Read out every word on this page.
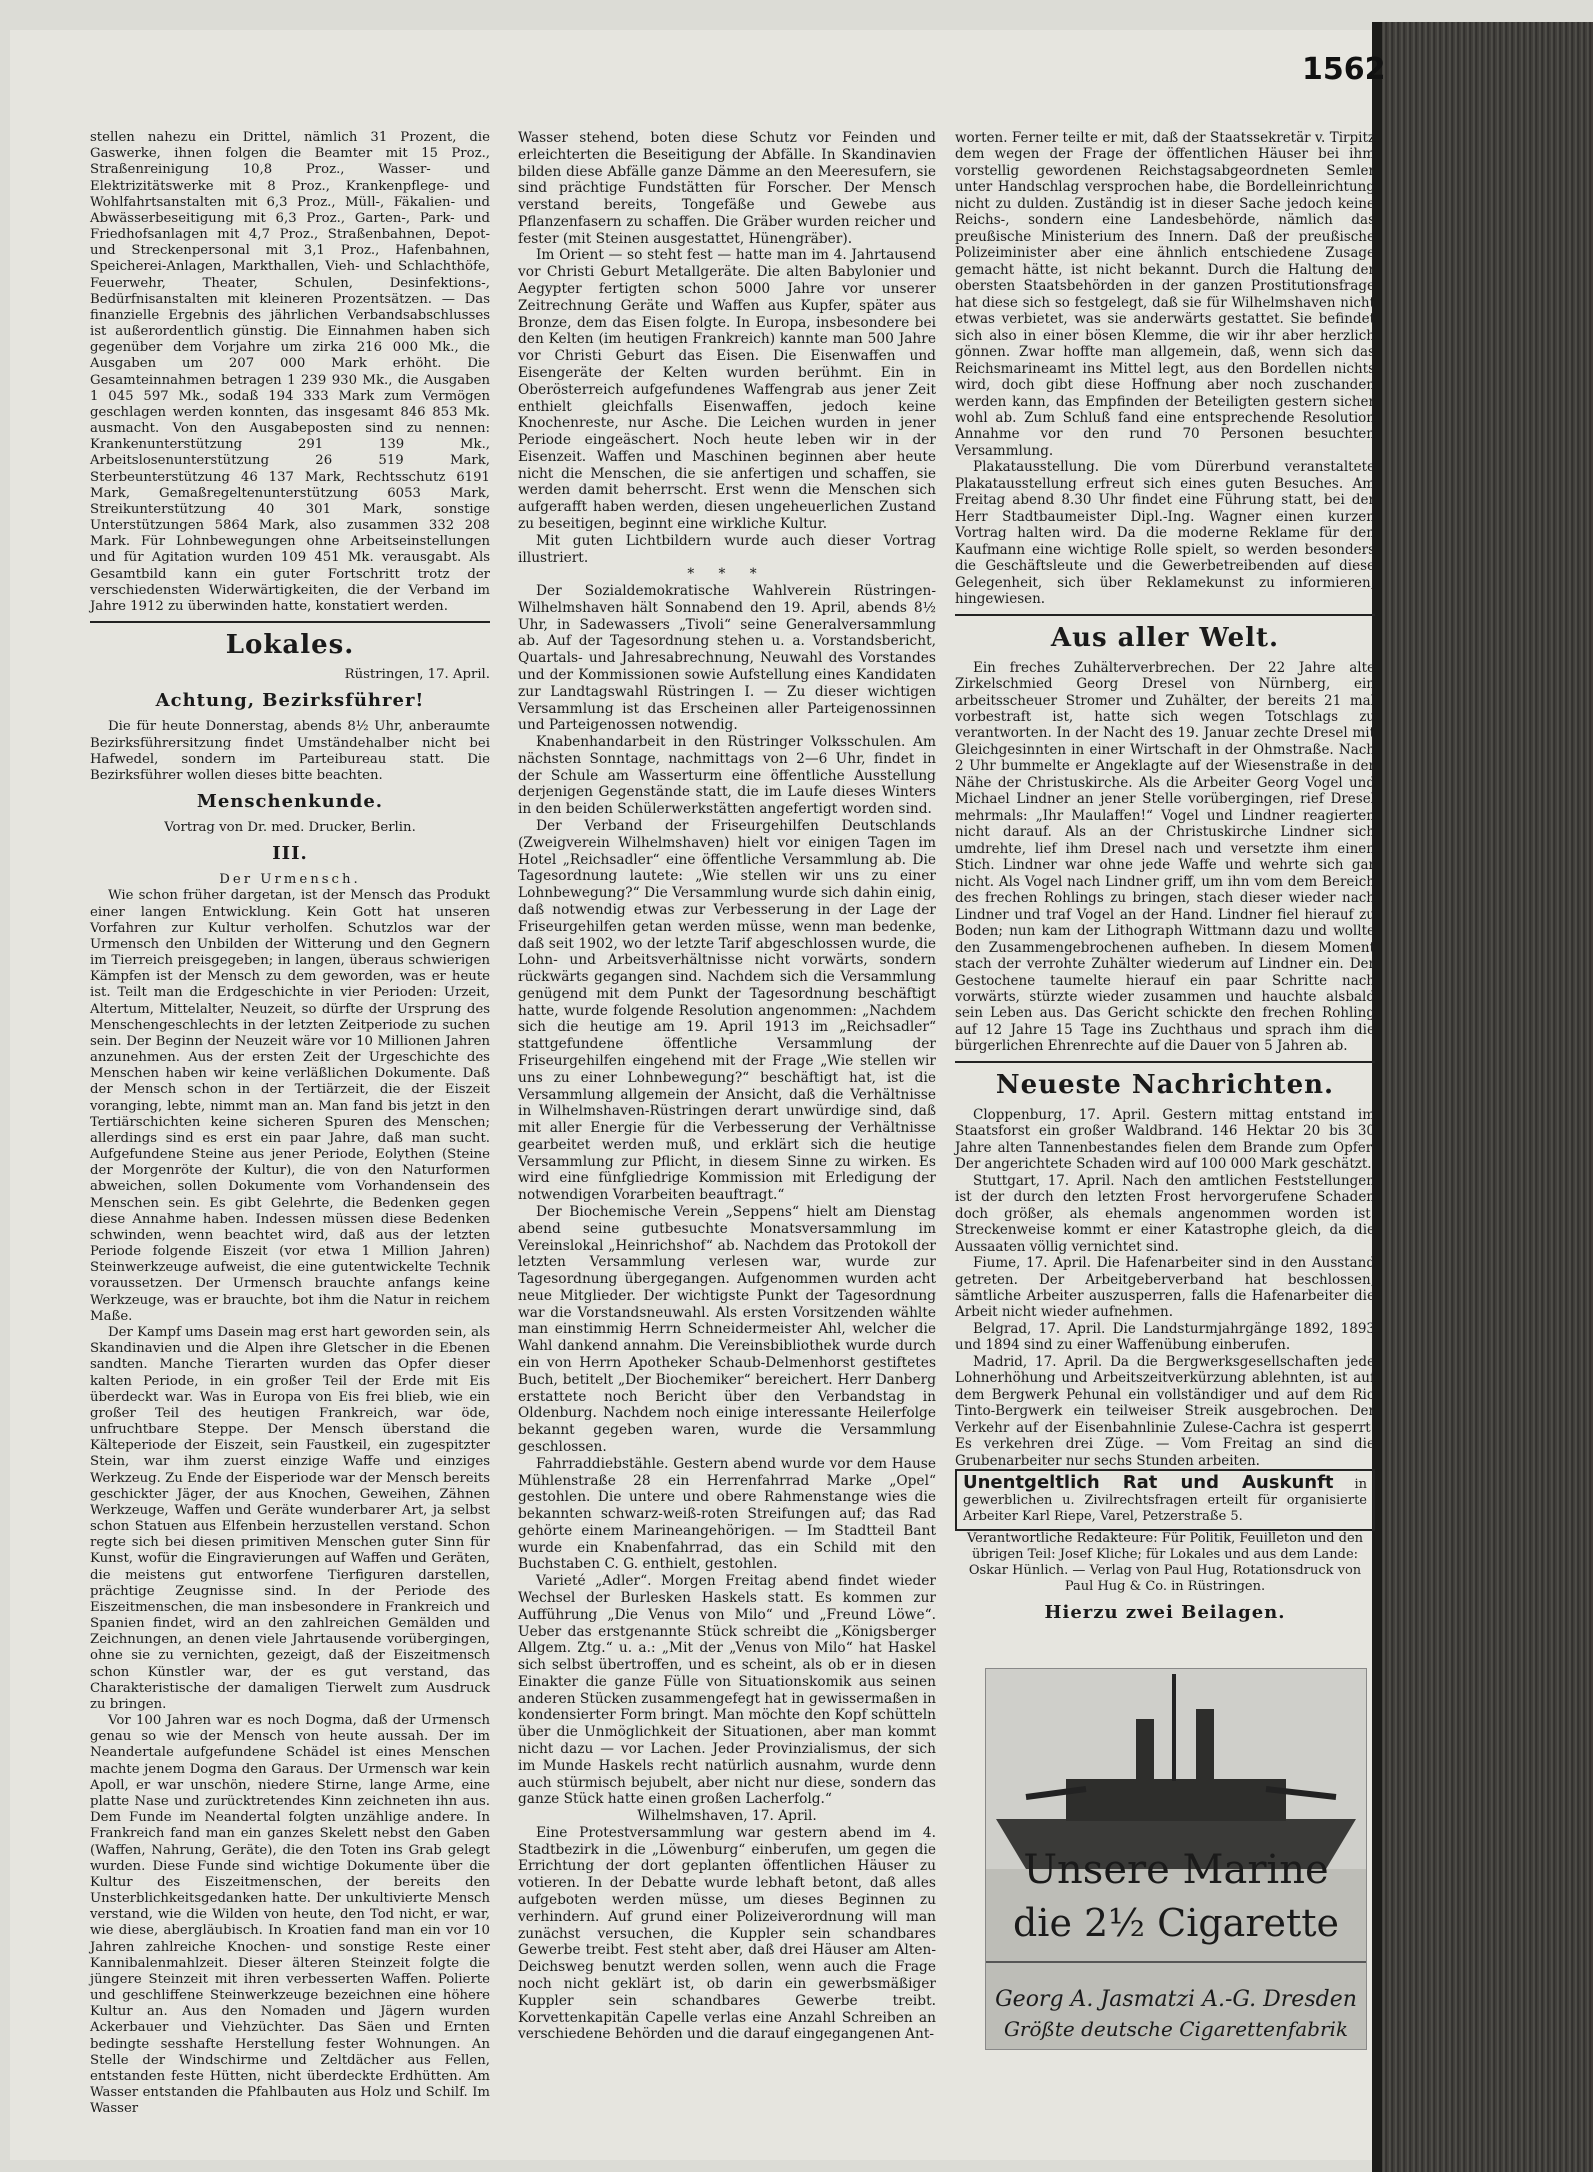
1562

stellen nahezu ein Drittel, nämlich 31 Prozent, die Gaswerke, ihnen folgen die Beamter mit 15 Proz., Straßenreinigung 10,8 Proz., Wasser- und Elektrizitätswerke mit 8 Proz., Krankenpflege- und Wohlfahrtsanstalten mit 6,3 Proz., Müll-, Fäkalien- und Abwässerbeseitigung mit 6,3 Proz., Garten-, Park- und Friedhofsanlagen mit 4,7 Proz., Straßenbahnen, Depot- und Streckenpersonal mit 3,1 Proz., Hafenbahnen, Speicherei-Anlagen, Markthallen, Vieh- und Schlachthöfe, Feuerwehr, Theater, Schulen, Desinfektions-, Bedürfnisanstalten mit kleineren Prozentsätzen. — Das finanzielle Ergebnis des jährlichen Verbandsabschlusses ist außerordentlich günstig. Die Einnahmen haben sich gegenüber dem Vorjahre um zirka 216 000 Mk., die Ausgaben um 207 000 Mark erhöht. Die Gesamteinnahmen betragen 1 239 930 Mk., die Ausgaben 1 045 597 Mk., sodaß 194 333 Mark zum Vermögen geschlagen werden konnten, das insgesamt 846 853 Mk. ausmacht. Von den Ausgabeposten sind zu nennen: Krankenunterstützung 291 139 Mk., Arbeitslosenunterstützung 26 519 Mark, Sterbeunterstützung 46 137 Mark, Rechtsschutz 6191 Mark, Gemaßregeltenunterstützung 6053 Mark, Streikunterstützung 40 301 Mark, sonstige Unterstützungen 5864 Mark, also zusammen 332 208 Mark. Für Lohnbewegungen ohne Arbeitseinstellungen und für Agitation wurden 109 451 Mk. verausgabt. Als Gesamtbild kann ein guter Fortschritt trotz der verschiedensten Widerwärtigkeiten, die der Verband im Jahre 1912 zu überwinden hatte, konstatiert werden.

Lokales.
Rüstringen, 17. April.
Achtung, Bezirksführer!

Die für heute Donnerstag, abends 8½ Uhr, anberaumte Bezirksführersitzung findet Umständehalber nicht bei Hafwedel, sondern im Parteibureau statt. Die Bezirksführer wollen dieses bitte beachten.

Menschenkunde.
Vortrag von Dr. med. Drucker, Berlin.
III.
Der Urmensch.

Wie schon früher dargetan, ist der Mensch das Produkt einer langen Entwicklung. Kein Gott hat unseren Vorfahren zur Kultur verholfen. Schutzlos war der Urmensch den Unbilden der Witterung und den Gegnern im Tierreich preisgegeben; in langen, überaus schwierigen Kämpfen ist der Mensch zu dem geworden, was er heute ist. Teilt man die Erdgeschichte in vier Perioden: Urzeit, Altertum, Mittelalter, Neuzeit, so dürfte der Ursprung des Menschengeschlechts in der letzten Zeitperiode zu suchen sein. Der Beginn der Neuzeit wäre vor 10 Millionen Jahren anzunehmen. Aus der ersten Zeit der Urgeschichte des Menschen haben wir keine verläßlichen Dokumente. Daß der Mensch schon in der Tertiärzeit, die der Eiszeit voranging, lebte, nimmt man an. Man fand bis jetzt in den Tertiärschichten keine sicheren Spuren des Menschen; allerdings sind es erst ein paar Jahre, daß man sucht. Aufgefundene Steine aus jener Periode, Eolythen (Steine der Morgenröte der Kultur), die von den Naturformen abweichen, sollen Dokumente vom Vorhandensein des Menschen sein. Es gibt Gelehrte, die Bedenken gegen diese Annahme haben. Indessen müssen diese Bedenken schwinden, wenn beachtet wird, daß aus der letzten Periode folgende Eiszeit (vor etwa 1 Million Jahren) Steinwerkzeuge aufweist, die eine gutentwickelte Technik voraussetzen. Der Urmensch brauchte anfangs keine Werkzeuge, was er brauchte, bot ihm die Natur in reichem Maße.

Der Kampf ums Dasein mag erst hart geworden sein, als Skandinavien und die Alpen ihre Gletscher in die Ebenen sandten. Manche Tierarten wurden das Opfer dieser kalten Periode, in ein großer Teil der Erde mit Eis überdeckt war. Was in Europa von Eis frei blieb, wie ein großer Teil des heutigen Frankreich, war öde, unfruchtbare Steppe. Der Mensch überstand die Kälteperiode der Eiszeit, sein Faustkeil, ein zugespitzter Stein, war ihm zuerst einzige Waffe und einziges Werkzeug. Zu Ende der Eisperiode war der Mensch bereits geschickter Jäger, der aus Knochen, Geweihen, Zähnen Werkzeuge, Waffen und Geräte wunderbarer Art, ja selbst schon Statuen aus Elfenbein herzustellen verstand. Schon regte sich bei diesen primitiven Menschen guter Sinn für Kunst, wofür die Eingravierungen auf Waffen und Geräten, die meistens gut entworfene Tierfiguren darstellen, prächtige Zeugnisse sind. In der Periode des Eiszeitmenschen, die man insbesondere in Frankreich und Spanien findet, wird an den zahlreichen Gemälden und Zeichnungen, an denen viele Jahrtausende vorübergingen, ohne sie zu vernichten, gezeigt, daß der Eiszeitmensch schon Künstler war, der es gut verstand, das Charakteristische der damaligen Tierwelt zum Ausdruck zu bringen.

Vor 100 Jahren war es noch Dogma, daß der Urmensch genau so wie der Mensch von heute aussah. Der im Neandertale aufgefundene Schädel ist eines Menschen machte jenem Dogma den Garaus. Der Urmensch war kein Apoll, er war unschön, niedere Stirne, lange Arme, eine platte Nase und zurücktretendes Kinn zeichneten ihn aus. Dem Funde im Neandertal folgten unzählige andere. In Frankreich fand man ein ganzes Skelett nebst den Gaben (Waffen, Nahrung, Geräte), die den Toten ins Grab gelegt wurden. Diese Funde sind wichtige Dokumente über die Kultur des Eiszeitmenschen, der bereits den Unsterblichkeitsgedanken hatte. Der unkultivierte Mensch verstand, wie die Wilden von heute, den Tod nicht, er war, wie diese, abergläubisch. In Kroatien fand man ein vor 10 Jahren zahlreiche Knochen- und sonstige Reste einer Kannibalenmahlzeit. Dieser älteren Steinzeit folgte die jüngere Steinzeit mit ihren verbesserten Waffen. Polierte und geschliffene Steinwerkzeuge bezeichnen eine höhere Kultur an. Aus den Nomaden und Jägern wurden Ackerbauer und Viehzüchter. Das Säen und Ernten bedingte sesshafte Herstellung fester Wohnungen. An Stelle der Windschirme und Zeltdächer aus Fellen, entstanden feste Hütten, nicht überdeckte Erdhütten. Am Wasser entstanden die Pfahlbauten aus Holz und Schilf. Im Wasser

Wasser stehend, boten diese Schutz vor Feinden und erleichterten die Beseitigung der Abfälle. In Skandinavien bilden diese Abfälle ganze Dämme an den Meeresufern, sie sind prächtige Fundstätten für Forscher. Der Mensch verstand bereits, Tongefäße und Gewebe aus Pflanzenfasern zu schaffen. Die Gräber wurden reicher und fester (mit Steinen ausgestattet, Hünengräber).

Im Orient — so steht fest — hatte man im 4. Jahrtausend vor Christi Geburt Metallgeräte. Die alten Babylonier und Aegypter fertigten schon 5000 Jahre vor unserer Zeitrechnung Geräte und Waffen aus Kupfer, später aus Bronze, dem das Eisen folgte. In Europa, insbesondere bei den Kelten (im heutigen Frankreich) kannte man 500 Jahre vor Christi Geburt das Eisen. Die Eisenwaffen und Eisengeräte der Kelten wurden berühmt. Ein in Oberösterreich aufgefundenes Waffengrab aus jener Zeit enthielt gleichfalls Eisenwaffen, jedoch keine Knochenreste, nur Asche. Die Leichen wurden in jener Periode eingeäschert. Noch heute leben wir in der Eisenzeit. Waffen und Maschinen beginnen aber heute nicht die Menschen, die sie anfertigen und schaffen, sie werden damit beherrscht. Erst wenn die Menschen sich aufgerafft haben werden, diesen ungeheuerlichen Zustand zu beseitigen, beginnt eine wirkliche Kultur.

Mit guten Lichtbildern wurde auch dieser Vortrag illustriert.

* * *

Der Sozialdemokratische Wahlverein Rüstringen-Wilhelmshaven hält Sonnabend den 19. April, abends 8½ Uhr, in Sadewassers „Tivoli“ seine Generalversammlung ab. Auf der Tagesordnung stehen u. a. Vorstandsbericht, Quartals- und Jahresabrechnung, Neuwahl des Vorstandes und der Kommissionen sowie Aufstellung eines Kandidaten zur Landtagswahl Rüstringen I. — Zu dieser wichtigen Versammlung ist das Erscheinen aller Parteigenossinnen und Parteigenossen notwendig.

Knabenhandarbeit in den Rüstringer Volksschulen. Am nächsten Sonntage, nachmittags von 2—6 Uhr, findet in der Schule am Wasserturm eine öffentliche Ausstellung derjenigen Gegenstände statt, die im Laufe dieses Winters in den beiden Schülerwerkstätten angefertigt worden sind.

Der Verband der Friseurgehilfen Deutschlands (Zweigverein Wilhelmshaven) hielt vor einigen Tagen im Hotel „Reichsadler“ eine öffentliche Versammlung ab. Die Tagesordnung lautete: „Wie stellen wir uns zu einer Lohnbewegung?“ Die Versammlung wurde sich dahin einig, daß notwendig etwas zur Verbesserung in der Lage der Friseurgehilfen getan werden müsse, wenn man bedenke, daß seit 1902, wo der letzte Tarif abgeschlossen wurde, die Lohn- und Arbeitsverhältnisse nicht vorwärts, sondern rückwärts gegangen sind. Nachdem sich die Versammlung genügend mit dem Punkt der Tagesordnung beschäftigt hatte, wurde folgende Resolution angenommen: „Nachdem sich die heutige am 19. April 1913 im „Reichsadler“ stattgefundene öffentliche Versammlung der Friseurgehilfen eingehend mit der Frage „Wie stellen wir uns zu einer Lohnbewegung?“ beschäftigt hat, ist die Versammlung allgemein der Ansicht, daß die Verhältnisse in Wilhelmshaven-Rüstringen derart unwürdige sind, daß mit aller Energie für die Verbesserung der Verhältnisse gearbeitet werden muß, und erklärt sich die heutige Versammlung zur Pflicht, in diesem Sinne zu wirken. Es wird eine fünfgliedrige Kommission mit Erledigung der notwendigen Vorarbeiten beauftragt.“

Der Biochemische Verein „Seppens“ hielt am Dienstag abend seine gutbesuchte Monatsversammlung im Vereinslokal „Heinrichshof“ ab. Nachdem das Protokoll der letzten Versammlung verlesen war, wurde zur Tagesordnung übergegangen. Aufgenommen wurden acht neue Mitglieder. Der wichtigste Punkt der Tagesordnung war die Vorstandsneuwahl. Als ersten Vorsitzenden wählte man einstimmig Herrn Schneidermeister Ahl, welcher die Wahl dankend annahm. Die Vereinsbibliothek wurde durch ein von Herrn Apotheker Schaub-Delmenhorst gestiftetes Buch, betitelt „Der Biochemiker“ bereichert. Herr Danberg erstattete noch Bericht über den Verbandstag in Oldenburg. Nachdem noch einige interessante Heilerfolge bekannt gegeben waren, wurde die Versammlung geschlossen.

Fahrraddiebstähle. Gestern abend wurde vor dem Hause Mühlenstraße 28 ein Herrenfahrrad Marke „Opel“ gestohlen. Die untere und obere Rahmenstange wies die bekannten schwarz-weiß-roten Streifungen auf; das Rad gehörte einem Marineangehörigen. — Im Stadtteil Bant wurde ein Knabenfahrrad, das ein Schild mit den Buchstaben C. G. enthielt, gestohlen.

Varieté „Adler“. Morgen Freitag abend findet wieder Wechsel der Burlesken Haskels statt. Es kommen zur Aufführung „Die Venus von Milo“ und „Freund Löwe“. Ueber das erstgenannte Stück schreibt die „Königsberger Allgem. Ztg.“ u. a.: „Mit der „Venus von Milo“ hat Haskel sich selbst übertroffen, und es scheint, als ob er in diesen Einakter die ganze Fülle von Situationskomik aus seinen anderen Stücken zusammengefegt hat in gewissermaßen in kondensierter Form bringt. Man möchte den Kopf schütteln über die Unmöglichkeit der Situationen, aber man kommt nicht dazu — vor Lachen. Jeder Provinzialismus, der sich im Munde Haskels recht natürlich ausnahm, wurde denn auch stürmisch bejubelt, aber nicht nur diese, sondern das ganze Stück hatte einen großen Lacherfolg.“

Wilhelmshaven, 17. April.

Eine Protestversammlung war gestern abend im 4. Stadtbezirk in die „Löwenburg“ einberufen, um gegen die Errichtung der dort geplanten öffentlichen Häuser zu votieren. In der Debatte wurde lebhaft betont, daß alles aufgeboten werden müsse, um dieses Beginnen zu verhindern. Auf grund einer Polizeiverordnung will man zunächst versuchen, die Kuppler sein schandbares Gewerbe treibt. Fest steht aber, daß drei Häuser am Alten-Deichsweg benutzt werden sollen, wenn auch die Frage noch nicht geklärt ist, ob darin ein gewerbsmäßiger Kuppler sein schandbares Gewerbe treibt. Korvettenkapitän Capelle verlas eine Anzahl Schreiben an verschiedene Behörden und die darauf eingegangenen Ant-

worten. Ferner teilte er mit, daß der Staatssekretär v. Tirpitz dem wegen der Frage der öffentlichen Häuser bei ihm vorstellig gewordenen Reichstagsabgeordneten Semler unter Handschlag versprochen habe, die Bordelleinrichtung nicht zu dulden. Zuständig ist in dieser Sache jedoch keine Reichs-, sondern eine Landesbehörde, nämlich das preußische Ministerium des Innern. Daß der preußische Polizeiminister aber eine ähnlich entschiedene Zusage gemacht hätte, ist nicht bekannt. Durch die Haltung der obersten Staatsbehörden in der ganzen Prostitutionsfrage hat diese sich so festgelegt, daß sie für Wilhelmshaven nicht etwas verbietet, was sie anderwärts gestattet. Sie befindet sich also in einer bösen Klemme, die wir ihr aber herzlich gönnen. Zwar hoffte man allgemein, daß, wenn sich das Reichsmarineamt ins Mittel legt, aus den Bordellen nichts wird, doch gibt diese Hoffnung aber noch zuschanden werden kann, das Empfinden der Beteiligten gestern sicher wohl ab. Zum Schluß fand eine entsprechende Resolution Annahme vor den rund 70 Personen besuchten Versammlung.

Plakatausstellung. Die vom Dürerbund veranstaltete Plakatausstellung erfreut sich eines guten Besuches. Am Freitag abend 8.30 Uhr findet eine Führung statt, bei der Herr Stadtbaumeister Dipl.-Ing. Wagner einen kurzen Vortrag halten wird. Da die moderne Reklame für den Kaufmann eine wichtige Rolle spielt, so werden besonders die Geschäftsleute und die Gewerbetreibenden auf diese Gelegenheit, sich über Reklamekunst zu informieren, hingewiesen.

Aus aller Welt.

Ein freches Zuhälterverbrechen. Der 22 Jahre alte Zirkelschmied Georg Dresel von Nürnberg, ein arbeitsscheuer Stromer und Zuhälter, der bereits 21 mal vorbestraft ist, hatte sich wegen Totschlags zu verantworten. In der Nacht des 19. Januar zechte Dresel mit Gleichgesinnten in einer Wirtschaft in der Ohmstraße. Nach 2 Uhr bummelte er Angeklagte auf der Wiesenstraße in der Nähe der Christuskirche. Als die Arbeiter Georg Vogel und Michael Lindner an jener Stelle vorübergingen, rief Dresel mehrmals: „Ihr Maulaffen!“ Vogel und Lindner reagierten nicht darauf. Als an der Christuskirche Lindner sich umdrehte, lief ihm Dresel nach und versetzte ihm einen Stich. Lindner war ohne jede Waffe und wehrte sich gar nicht. Als Vogel nach Lindner griff, um ihn vom dem Bereich des frechen Rohlings zu bringen, stach dieser wieder nach Lindner und traf Vogel an der Hand. Lindner fiel hierauf zu Boden; nun kam der Lithograph Wittmann dazu und wollte den Zusammengebrochenen aufheben. In diesem Moment stach der verrohte Zuhälter wiederum auf Lindner ein. Der Gestochene taumelte hierauf ein paar Schritte nach vorwärts, stürzte wieder zusammen und hauchte alsbald sein Leben aus. Das Gericht schickte den frechen Rohling auf 12 Jahre 15 Tage ins Zuchthaus und sprach ihm die bürgerlichen Ehrenrechte auf die Dauer von 5 Jahren ab.

Neueste Nachrichten.

Cloppenburg, 17. April. Gestern mittag entstand im Staatsforst ein großer Waldbrand. 146 Hektar 20 bis 30 Jahre alten Tannenbestandes fielen dem Brande zum Opfer. Der angerichtete Schaden wird auf 100 000 Mark geschätzt.

Stuttgart, 17. April. Nach den amtlichen Feststellungen ist der durch den letzten Frost hervorgerufene Schaden doch größer, als ehemals angenommen worden ist. Streckenweise kommt er einer Katastrophe gleich, da die Aussaaten völlig vernichtet sind.

Fiume, 17. April. Die Hafenarbeiter sind in den Ausstand getreten. Der Arbeitgeberverband hat beschlossen, sämtliche Arbeiter auszusperren, falls die Hafenarbeiter die Arbeit nicht wieder aufnehmen.

Belgrad, 17. April. Die Landsturmjahrgänge 1892, 1893 und 1894 sind zu einer Waffenübung einberufen.

Madrid, 17. April. Da die Bergwerksgesellschaften jede Lohnerhöhung und Arbeitszeitverkürzung ablehnten, ist auf dem Bergwerk Pehunal ein vollständiger und auf dem Rio Tinto-Bergwerk ein teilweiser Streik ausgebrochen. Der Verkehr auf der Eisenbahnlinie Zulese-Cachra ist gesperrt. Es verkehren drei Züge. — Vom Freitag an sind die Grubenarbeiter nur sechs Stunden arbeiten.

Unentgeltlich Rat und Auskunft in gewerblichen u. Zivilrechtsfragen erteilt für organisierte Arbeiter Karl Riepe, Varel, Petzerstraße 5.
Verantwortliche Redakteure: Für Politik, Feuilleton und den übrigen Teil: Josef Kliche; für Lokales und aus dem Lande: Oskar Hünlich. — Verlag von Paul Hug, Rotationsdruck von Paul Hug & Co. in Rüstringen.
Hierzu zwei Beilagen.
Unsere Marine
die 2½ Cigarette
Georg A. Jasmatzi A.-G. Dresden
Größte deutsche Cigarettenfabrik
